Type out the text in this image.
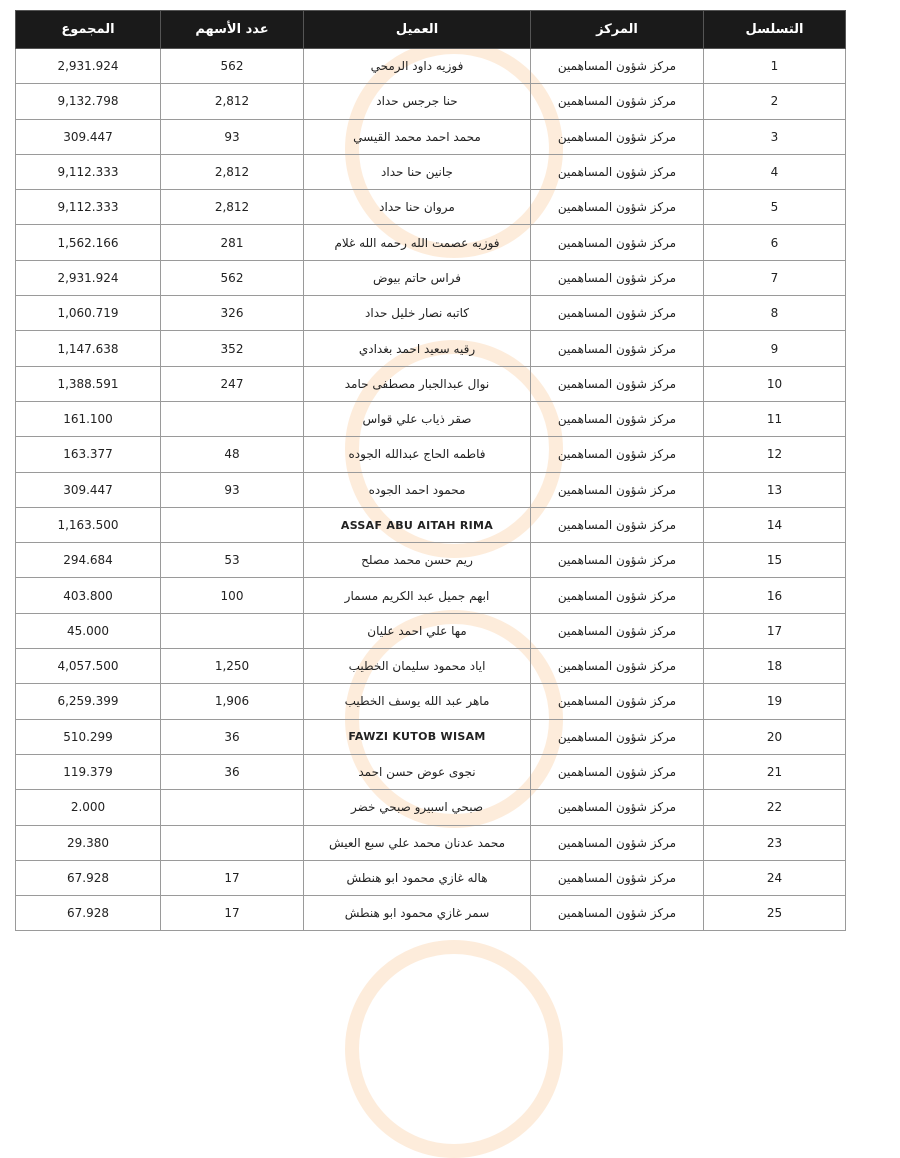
التسلسل	المركز	العميل	عدد الأسهم	المجموع
1	مركز شؤون المساهمين	فوزيه داود الرمحي	562	2,931.924
2	مركز شؤون المساهمين	حنا جرجس حداد	2,812	9,132.798
3	مركز شؤون المساهمين	محمد احمد محمد القيسي	93	309.447
4	مركز شؤون المساهمين	جانين حنا حداد	2,812	9,112.333
5	مركز شؤون المساهمين	مروان حنا حداد	2,812	9,112.333
6	مركز شؤون المساهمين	فوزيه عصمت الله رحمه الله غلام	281	1,562.166
7	مركز شؤون المساهمين	فراس حاتم بيوض	562	2,931.924
8	مركز شؤون المساهمين	كاتبه نصار خليل حداد	326	1,060.719
9	مركز شؤون المساهمين	رقيه سعيد احمد بغدادي	352	1,147.638
10	مركز شؤون المساهمين	نوال عبدالجبار مصطفى حامد	247	1,388.591
11	مركز شؤون المساهمين	صقر ذياب علي قواس		161.100
12	مركز شؤون المساهمين	فاطمه الحاج عبدالله الجوده	48	163.377
13	مركز شؤون المساهمين	محمود احمد الجوده	93	309.447
14	مركز شؤون المساهمين	ASSAF ABU AITAH RIMA		1,163.500
15	مركز شؤون المساهمين	ريم حسن محمد مصلح	53	294.684
16	مركز شؤون المساهمين	ابهم جميل عبد الكريم مسمار	100	403.800
17	مركز شؤون المساهمين	مها علي احمد عليان		45.000
18	مركز شؤون المساهمين	اياد محمود سليمان الخطيب	1,250	4,057.500
19	مركز شؤون المساهمين	ماهر عبد الله يوسف الخطيب	1,906	6,259.399
20	مركز شؤون المساهمين	FAWZI KUTOB WISAM	36	510.299
21	مركز شؤون المساهمين	نجوى عوض حسن احمد	36	119.379
22	مركز شؤون المساهمين	صبحي اسبيرو صبحي خضر		2.000
23	مركز شؤون المساهمين	محمد عدنان محمد علي سبع العيش		29.380
24	مركز شؤون المساهمين	هاله غازي محمود ابو هنطش	17	67.928
25	مركز شؤون المساهمين	سمر غازي محمود ابو هنطش	17	67.928
